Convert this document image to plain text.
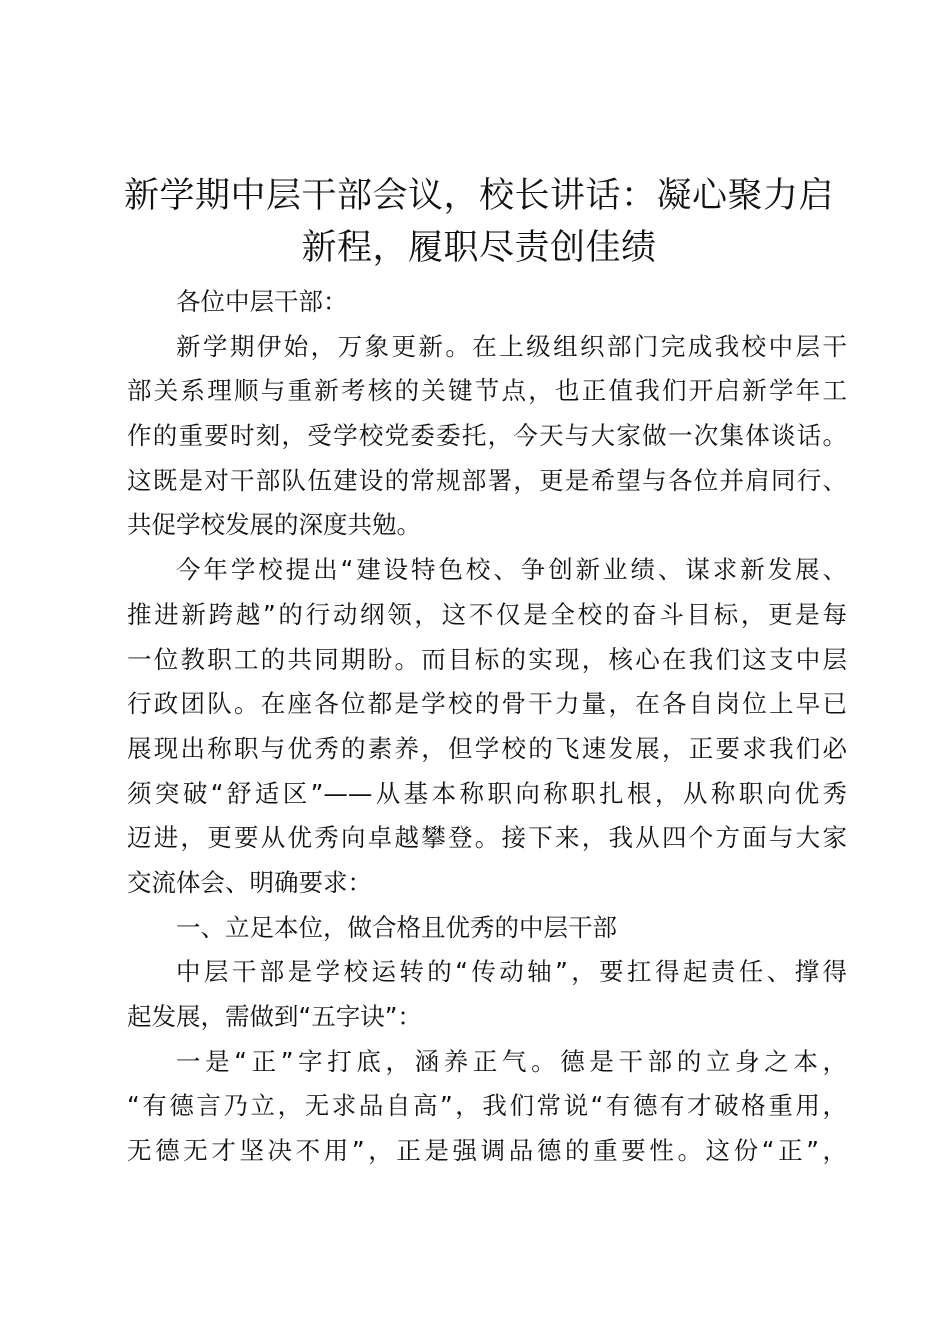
新学期中层干部会议，校长讲话：凝心聚力启
新程，履职尽责创佳绩
各位中层干部：

新学期伊始，万象更新。在上级组织部门完成我校中层干
部关系理顺与重新考核的关键节点，也正值我们开启新学年工
作的重要时刻，受学校党委委托，今天与大家做一次集体谈话。
这既是对干部队伍建设的常规部署，更是希望与各位并肩同行、
共促学校发展的深度共勉。

今年学校提出“建设特色校、争创新业绩、谋求新发展、
推进新跨越”的行动纲领，这不仅是全校的奋斗目标，更是每
一位教职工的共同期盼。而目标的实现，核心在我们这支中层
行政团队。在座各位都是学校的骨干力量，在各自岗位上早已
展现出称职与优秀的素养，但学校的飞速发展，正要求我们必
须突破“舒适区”——从基本称职向称职扎根，从称职向优秀
迈进，更要从优秀向卓越攀登。接下来，我从四个方面与大家
交流体会、明确要求：

一、立足本位，做合格且优秀的中层干部

中层干部是学校运转的“传动轴”，要扛得起责任、撑得
起发展，需做到“五字诀”：

一是“正”字打底，涵养正气。德是干部的立身之本，
“有德言乃立，无求品自高”，我们常说“有德有才破格重用，
无德无才坚决不用”，正是强调品德的重要性。这份“正”，
